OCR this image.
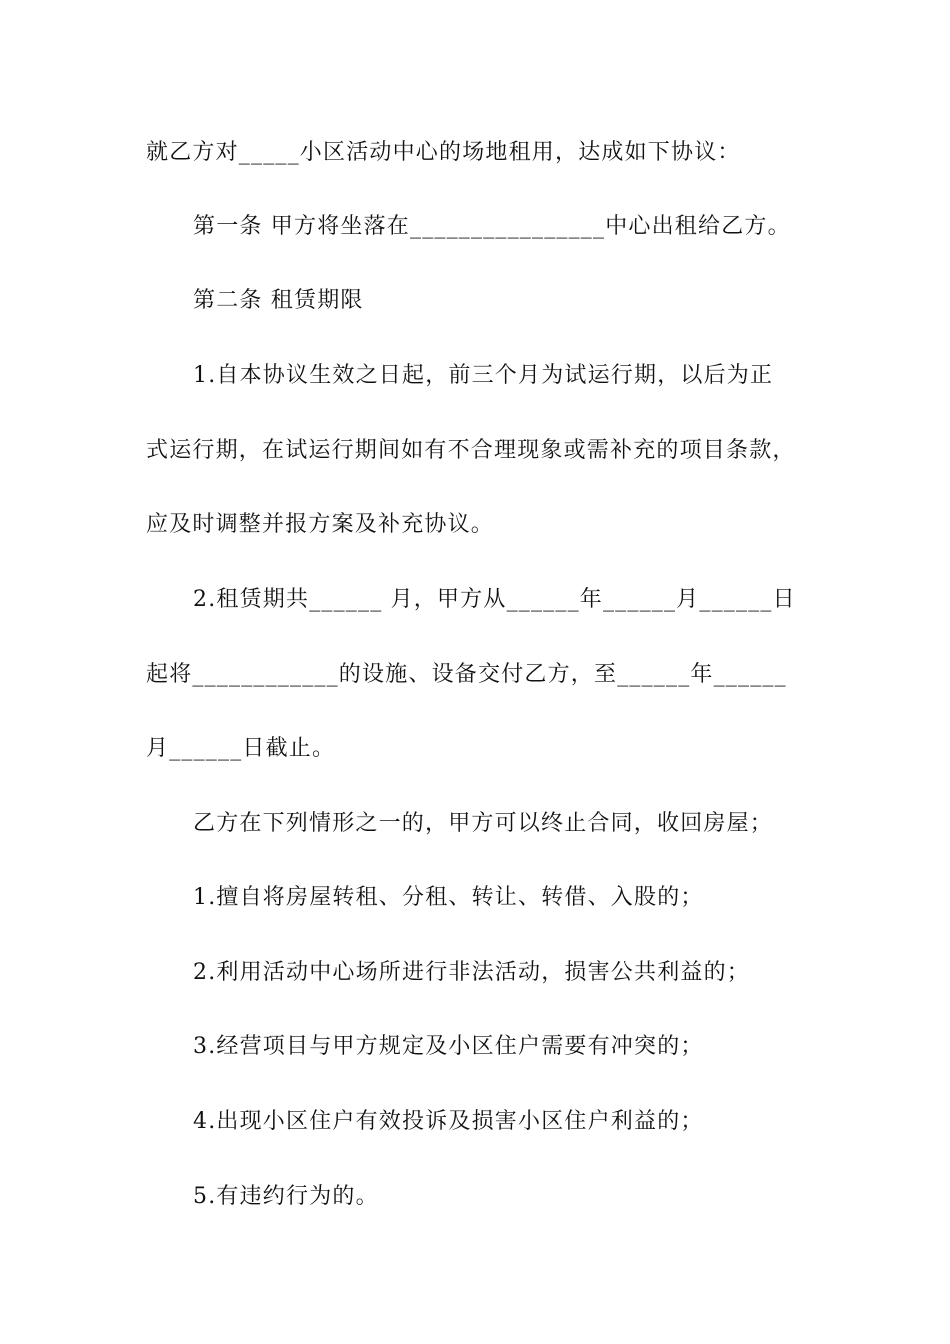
就乙方对_____小区活动中心的场地租用，达成如下协议：
第一条 甲方将坐落在________________中心出租给乙方。
第二条 租赁期限
1.自本协议生效之日起，前三个月为试运行期，以后为正
式运行期，在试运行期间如有不合理现象或需补充的项目条款，
应及时调整并报方案及补充协议。
2.租赁期共______ 月，甲方从______年______月______日
起将____________的设施、设备交付乙方，至______年______
月______日截止。
乙方在下列情形之一的，甲方可以终止合同，收回房屋；
1.擅自将房屋转租、分租、转让、转借、入股的；
2.利用活动中心场所进行非法活动，损害公共利益的；
3.经营项目与甲方规定及小区住户需要有冲突的；
4.出现小区住户有效投诉及损害小区住户利益的；
5.有违约行为的。
